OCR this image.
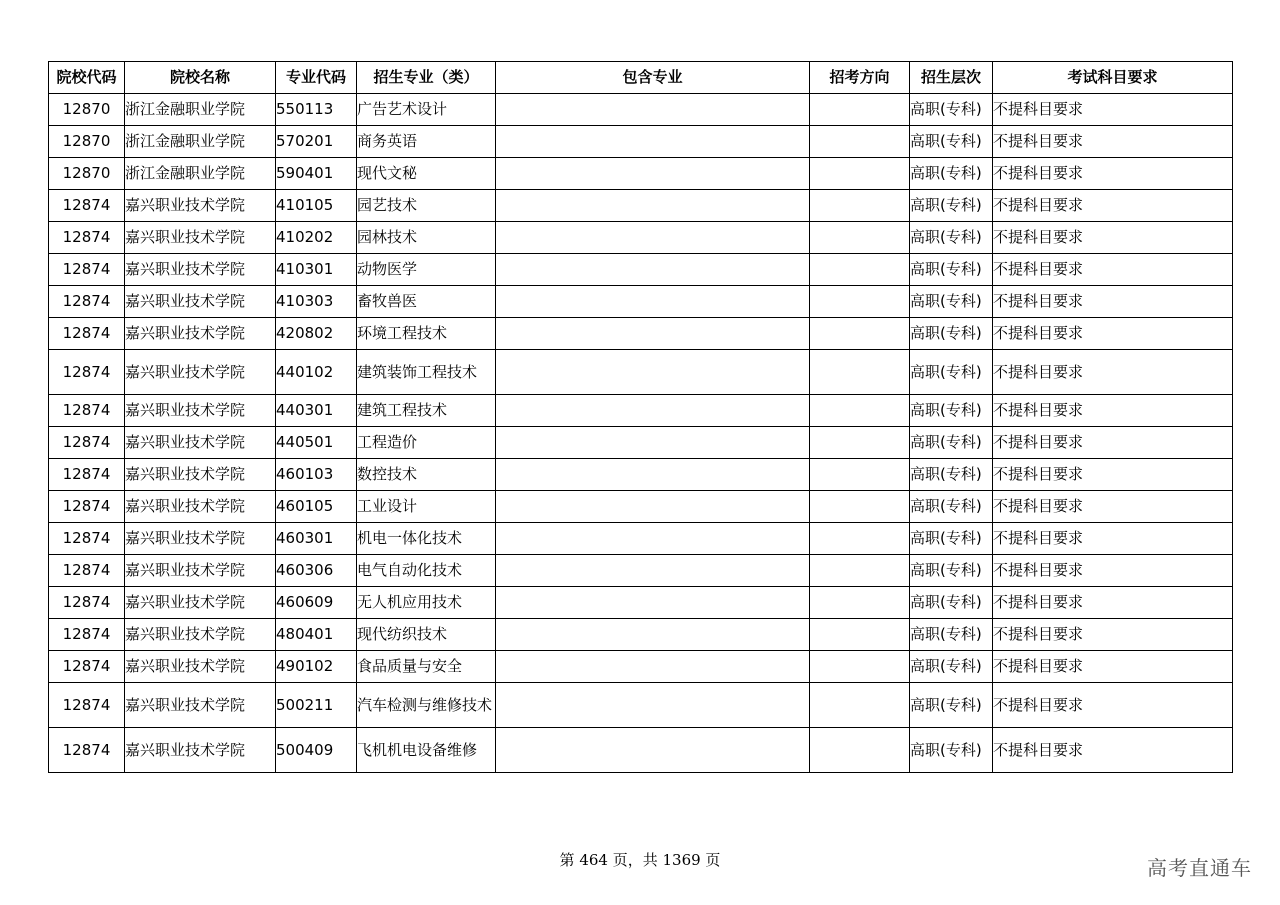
院校代码	院校名称	专业代码	招生专业（类）	包含专业	招考方向	招生层次	考试科目要求
12870	浙江金融职业学院	550113	广告艺术设计			高职(专科)	不提科目要求
12870	浙江金融职业学院	570201	商务英语			高职(专科)	不提科目要求
12870	浙江金融职业学院	590401	现代文秘			高职(专科)	不提科目要求
12874	嘉兴职业技术学院	410105	园艺技术			高职(专科)	不提科目要求
12874	嘉兴职业技术学院	410202	园林技术			高职(专科)	不提科目要求
12874	嘉兴职业技术学院	410301	动物医学			高职(专科)	不提科目要求
12874	嘉兴职业技术学院	410303	畜牧兽医			高职(专科)	不提科目要求
12874	嘉兴职业技术学院	420802	环境工程技术			高职(专科)	不提科目要求
12874	嘉兴职业技术学院	440102	建筑装饰工程技术			高职(专科)	不提科目要求
12874	嘉兴职业技术学院	440301	建筑工程技术			高职(专科)	不提科目要求
12874	嘉兴职业技术学院	440501	工程造价			高职(专科)	不提科目要求
12874	嘉兴职业技术学院	460103	数控技术			高职(专科)	不提科目要求
12874	嘉兴职业技术学院	460105	工业设计			高职(专科)	不提科目要求
12874	嘉兴职业技术学院	460301	机电一体化技术			高职(专科)	不提科目要求
12874	嘉兴职业技术学院	460306	电气自动化技术			高职(专科)	不提科目要求
12874	嘉兴职业技术学院	460609	无人机应用技术			高职(专科)	不提科目要求
12874	嘉兴职业技术学院	480401	现代纺织技术			高职(专科)	不提科目要求
12874	嘉兴职业技术学院	490102	食品质量与安全			高职(专科)	不提科目要求
12874	嘉兴职业技术学院	500211	汽车检测与维修技术			高职(专科)	不提科目要求
12874	嘉兴职业技术学院	500409	飞机机电设备维修			高职(专科)	不提科目要求
第 464 页，共 1369 页	高考直通车
